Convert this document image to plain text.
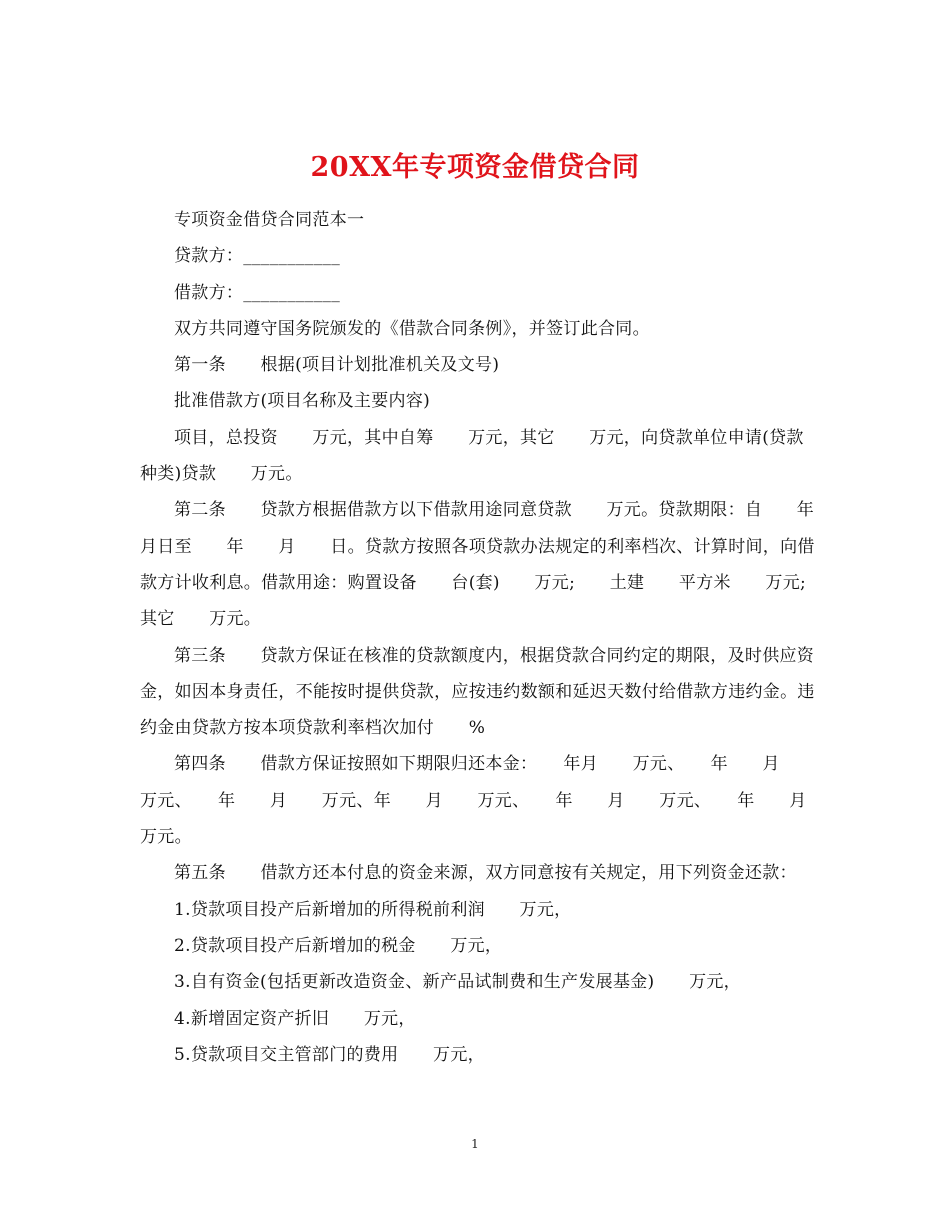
20XX年专项资金借贷合同

专项资金借贷合同范本一

贷款方：___________

借款方：___________

双方共同遵守国务院颁发的《借款合同条例》，并签订此合同。

第一条　　根据(项目计划批准机关及文号)

批准借款方(项目名称及主要内容)

项目，总投资　　万元，其中自筹　　万元，其它　　万元，向贷款单位申请(贷款种类)贷款　　万元。

第二条　　贷款方根据借款方以下借款用途同意贷款　　万元。贷款期限：自　　年　　月日至　　年　　月　　日。贷款方按照各项贷款办法规定的利率档次、计算时间，向借款方计收利息。借款用途：购置设备　　台(套)　　万元;　　土建　　平方米　　万元;　　其它　　万元。

第三条　　贷款方保证在核准的贷款额度内，根据贷款合同约定的期限，及时供应资金，如因本身责任，不能按时提供贷款，应按违约数额和延迟天数付给借款方违约金。违约金由贷款方按本项贷款利率档次加付　　%

第四条　　借款方保证按照如下期限归还本金：　　年月　　万元、　　年　　月　　万元、　　年　　月　　万元、年　　月　　万元、　　年　　月　　万元、　　年　　月　　万元。

第五条　　借款方还本付息的资金来源，双方同意按有关规定，用下列资金还款：

1.贷款项目投产后新增加的所得税前利润　　万元，

2.贷款项目投产后新增加的税金　　万元，

3.自有资金(包括更新改造资金、新产品试制费和生产发展基金)　　万元，

4.新增固定资产折旧　　万元，

5.贷款项目交主管部门的费用　　万元，

1
